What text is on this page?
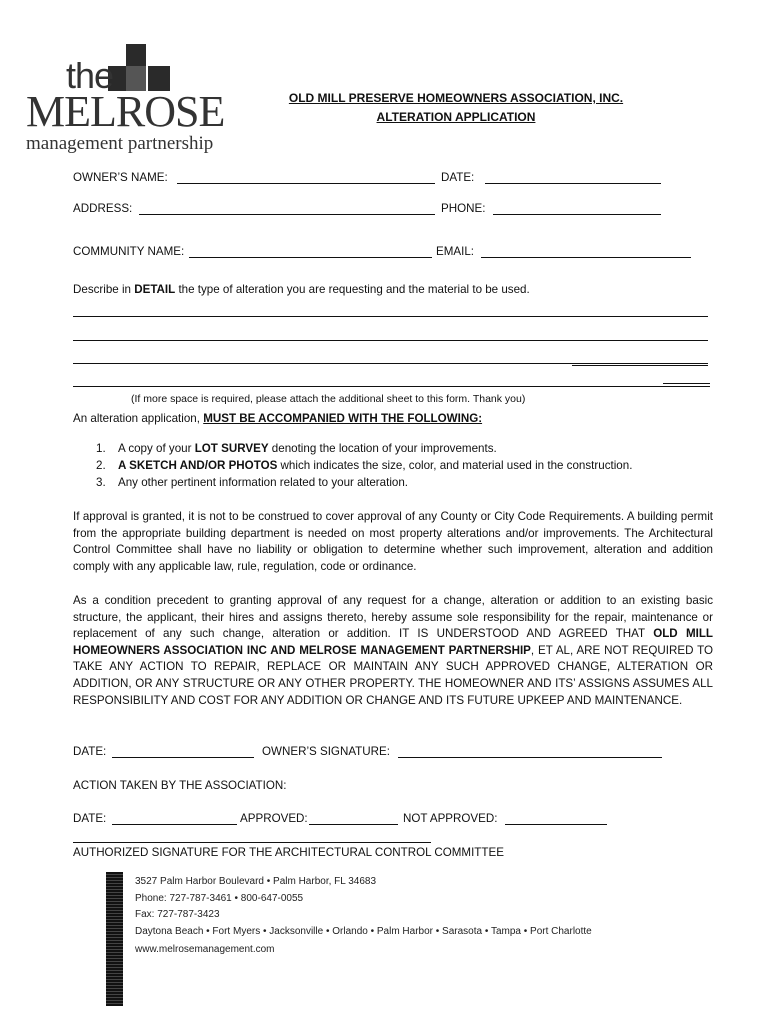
the
MELROSE
management partnership
OLD MILL PRESERVE HOMEOWNERS ASSOCIATION, INC.
ALTERATION APPLICATION
OWNER’S NAME:	DATE:
ADDRESS:	PHONE:
COMMUNITY NAME:	EMAIL:
Describe in DETAIL the type of alteration you are requesting and the material to be used.
(If more space is required, please attach the additional sheet to this form. Thank you)
An alteration application, MUST BE ACCOMPANIED WITH THE FOLLOWING:
1. A copy of your LOT SURVEY denoting the location of your improvements.
2. A SKETCH AND/OR PHOTOS which indicates the size, color, and material used in the construction.
3. Any other pertinent information related to your alteration.
If approval is granted, it is not to be construed to cover approval of any County or City Code Requirements. A building permit from the appropriate building department is needed on most property alterations and/or improvements. The Architectural Control Committee shall have no liability or obligation to determine whether such improvement, alteration and addition comply with any applicable law, rule, regulation, code or ordinance.
As a condition precedent to granting approval of any request for a change, alteration or addition to an existing basic structure, the applicant, their hires and assigns thereto, hereby assume sole responsibility for the repair, maintenance or replacement of any such change, alteration or addition. IT IS UNDERSTOOD AND AGREED THAT OLD MILL HOMEOWNERS ASSOCIATION INC AND MELROSE MANAGEMENT PARTNERSHIP, ET AL, ARE NOT REQUIRED TO TAKE ANY ACTION TO REPAIR, REPLACE OR MAINTAIN ANY SUCH APPROVED CHANGE, ALTERATION OR ADDITION, OR ANY STRUCTURE OR ANY OTHER PROPERTY. THE HOMEOWNER AND ITS’ ASSIGNS ASSUMES ALL RESPONSIBILITY AND COST FOR ANY ADDITION OR CHANGE AND ITS FUTURE UPKEEP AND MAINTENANCE.
DATE:	OWNER’S SIGNATURE:
ACTION TAKEN BY THE ASSOCIATION:
DATE:	APPROVED:	NOT APPROVED:
AUTHORIZED SIGNATURE FOR THE ARCHITECTURAL CONTROL COMMITTEE
3527 Palm Harbor Boulevard • Palm Harbor, FL 34683
Phone: 727-787-3461 • 800-647-0055
Fax: 727-787-3423
Daytona Beach • Fort Myers • Jacksonville • Orlando • Palm Harbor • Sarasota • Tampa • Port Charlotte
www.melrosemanagement.com
